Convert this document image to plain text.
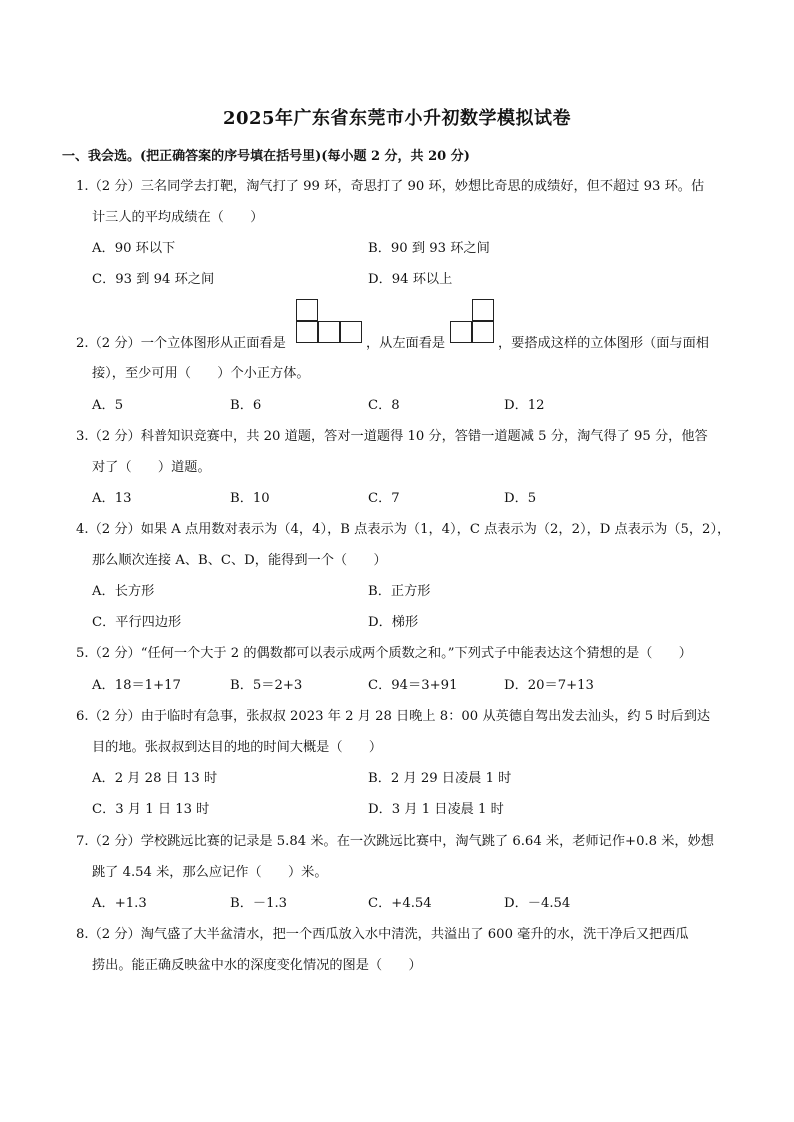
2025年广东省东莞市小升初数学模拟试卷
一、我会选。(把正确答案的序号填在括号里)(每小题 2 分，共 20 分)
1.（2 分）三名同学去打靶，淘气打了 99 环，奇思打了 90 环，妙想比奇思的成绩好，但不超过 93 环。估
计三人的平均成绩在（　　）
A．90 环以下	B．90 到 93 环之间
C．93 到 94 环之间	D．94 环以上
2.（2 分）一个立体图形从正面看是	，从左面看是	，要搭成这样的立体图形（面与面相
接），至少可用（　　）个小正方体。
A．5	B．6	C．8	D．12
3.（2 分）科普知识竞赛中，共 20 道题，答对一道题得 10 分，答错一道题减 5 分，淘气得了 95 分，他答
对了（　　）道题。
A．13	B．10	C．7	D．5
4.（2 分）如果 A 点用数对表示为（4，4），B 点表示为（1，4），C 点表示为（2，2），D 点表示为（5，2），
那么顺次连接 A、B、C、D，能得到一个（　　）
A．长方形	B．正方形
C．平行四边形	D．梯形
5.（2 分）“任何一个大于 2 的偶数都可以表示成两个质数之和。”下列式子中能表达这个猜想的是（　　）
A．18＝1+17	B．5＝2+3	C．94＝3+91	D．20＝7+13
6.（2 分）由于临时有急事，张叔叔 2023 年 2 月 28 日晚上 8：00 从英德自驾出发去汕头，约 5 时后到达
目的地。张叔叔到达目的地的时间大概是（　　）
A．2 月 28 日 13 时	B．2 月 29 日凌晨 1 时
C．3 月 1 日 13 时	D．3 月 1 日凌晨 1 时
7.（2 分）学校跳远比赛的记录是 5.84 米。在一次跳远比赛中，淘气跳了 6.64 米，老师记作+0.8 米，妙想
跳了 4.54 米，那么应记作（　　）米。
A．+1.3	B．－1.3	C．+4.54	D．－4.54
8.（2 分）淘气盛了大半盆清水，把一个西瓜放入水中清洗，共溢出了 600 毫升的水，洗干净后又把西瓜
捞出。能正确反映盆中水的深度变化情况的图是（　　）
